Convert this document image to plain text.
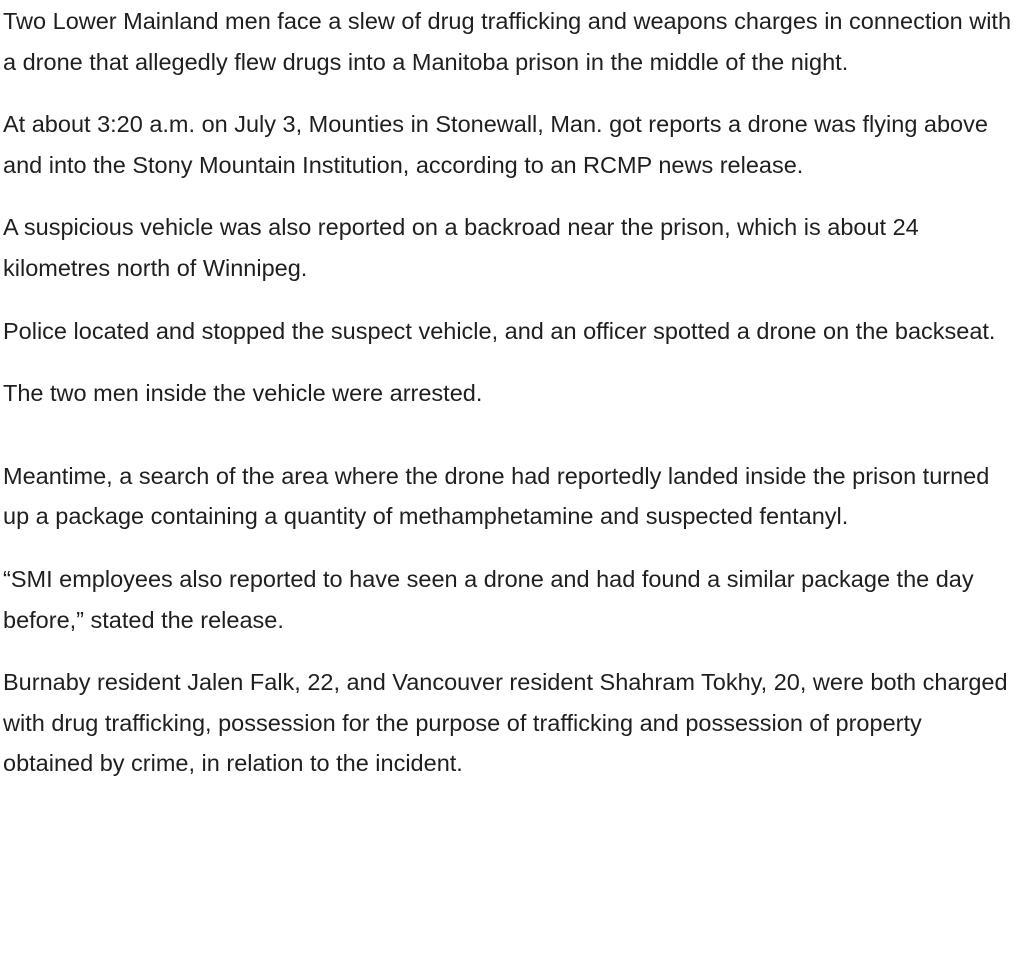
Two Lower Mainland men face a slew of drug trafficking and weapons charges in connection with a drone that allegedly flew drugs into a Manitoba prison in the middle of the night.

At about 3:20 a.m. on July 3, Mounties in Stonewall, Man. got reports a drone was flying above and into the Stony Mountain Institution, according to an RCMP news release.

A suspicious vehicle was also reported on a backroad near the prison, which is about 24 kilometres north of Winnipeg.

Police located and stopped the suspect vehicle, and an officer spotted a drone on the backseat.

The two men inside the vehicle were arrested.

Meantime, a search of the area where the drone had reportedly landed inside the prison turned up a package containing a quantity of methamphetamine and suspected fentanyl.

“SMI employees also reported to have seen a drone and had found a similar package the day before,” stated the release.

Burnaby resident Jalen Falk, 22, and Vancouver resident Shahram Tokhy, 20, were both charged with drug trafficking, possession for the purpose of trafficking and possession of property obtained by crime, in relation to the incident.
